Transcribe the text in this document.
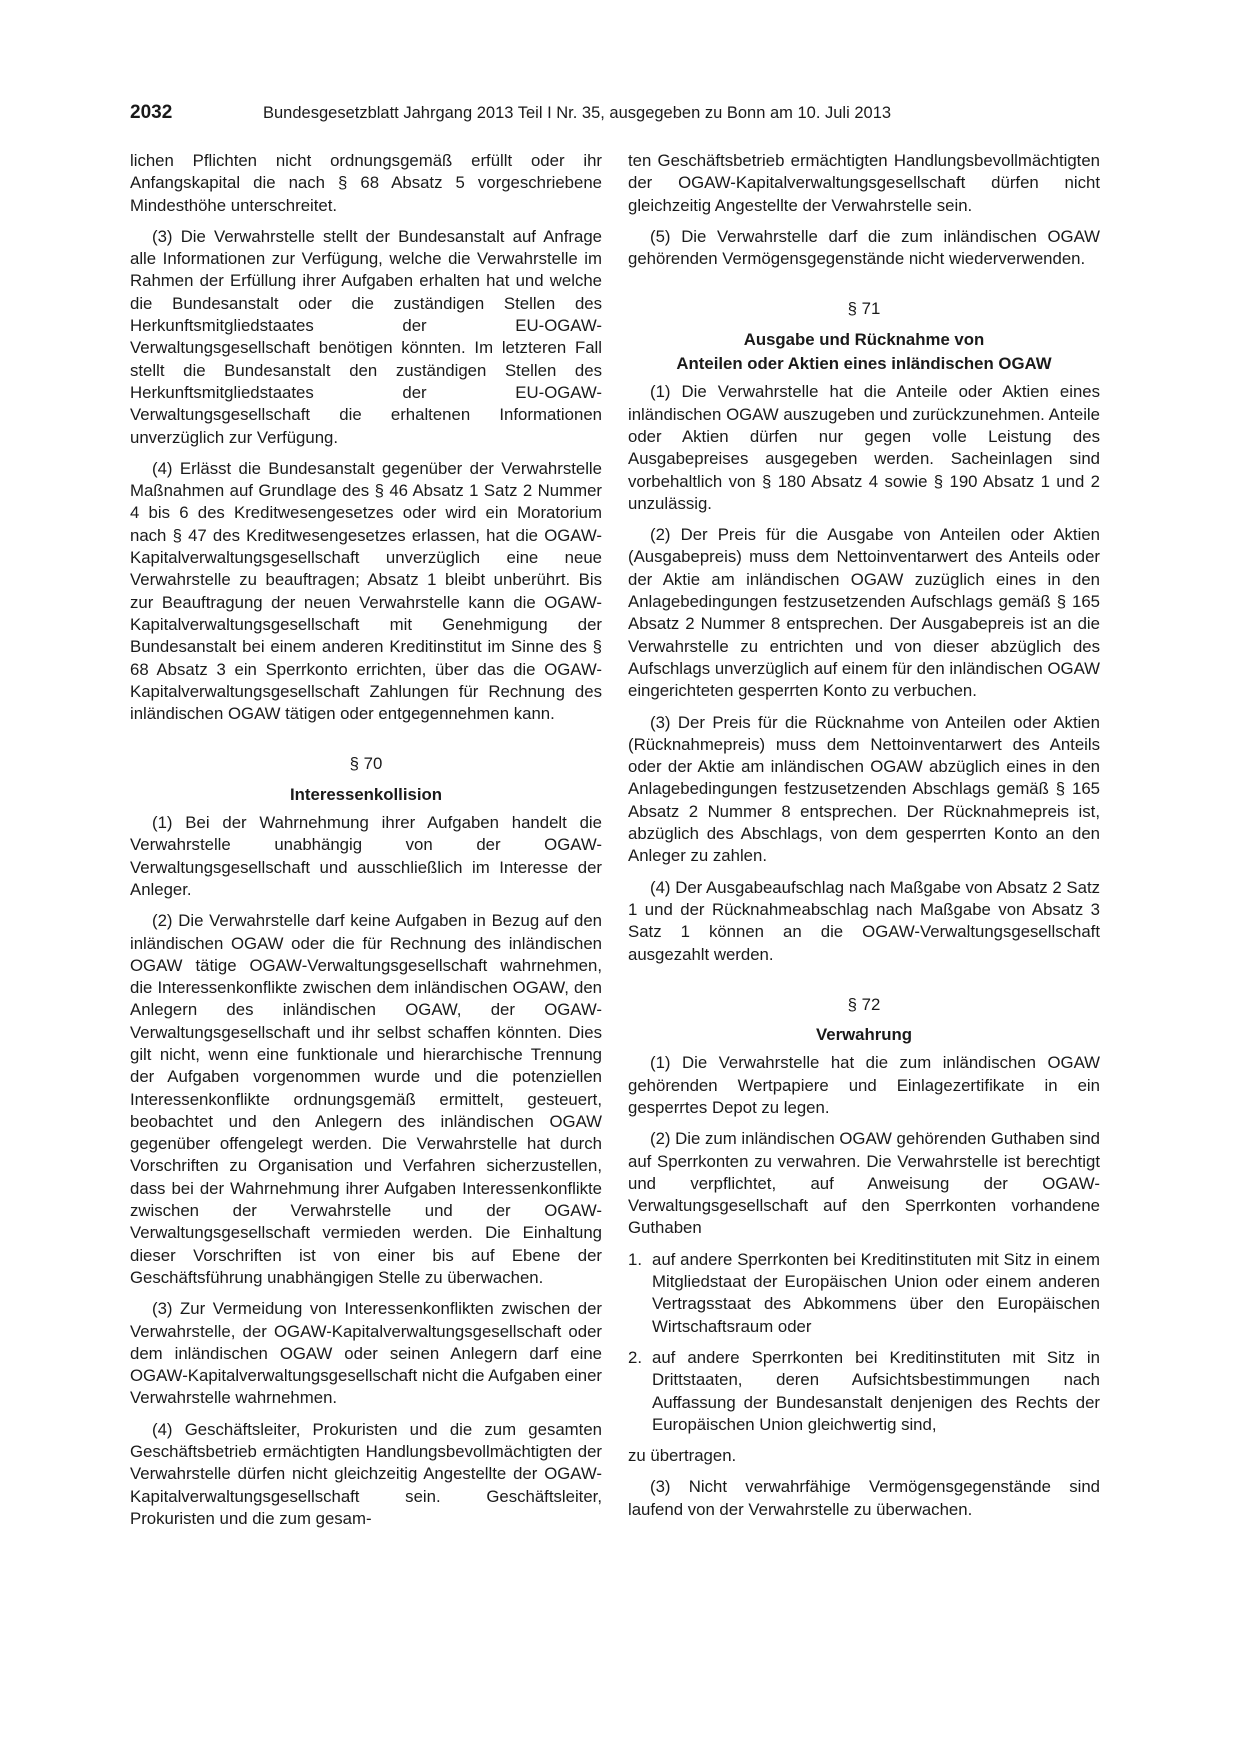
2032	Bundesgesetzblatt Jahrgang 2013 Teil I Nr. 35, ausgegeben zu Bonn am 10. Juli 2013

lichen Pflichten nicht ordnungsgemäß erfüllt oder ihr Anfangskapital die nach § 68 Absatz 5 vorgeschriebene Mindesthöhe unterschreitet.

(3) Die Verwahrstelle stellt der Bundesanstalt auf Anfrage alle Informationen zur Verfügung, welche die Verwahrstelle im Rahmen der Erfüllung ihrer Aufgaben erhalten hat und welche die Bundesanstalt oder die zuständigen Stellen des Herkunftsmitgliedstaates der EU-OGAW-Verwaltungsgesellschaft benötigen könnten. Im letzteren Fall stellt die Bundesanstalt den zuständigen Stellen des Herkunftsmitgliedstaates der EU-OGAW-Verwaltungsgesellschaft die erhaltenen Informationen unverzüglich zur Verfügung.

(4) Erlässt die Bundesanstalt gegenüber der Verwahrstelle Maßnahmen auf Grundlage des § 46 Absatz 1 Satz 2 Nummer 4 bis 6 des Kreditwesengesetzes oder wird ein Moratorium nach § 47 des Kreditwesengesetzes erlassen, hat die OGAW-Kapitalverwaltungsgesellschaft unverzüglich eine neue Verwahrstelle zu beauftragen; Absatz 1 bleibt unberührt. Bis zur Beauftragung der neuen Verwahrstelle kann die OGAW-Kapitalverwaltungsgesellschaft mit Genehmigung der Bundesanstalt bei einem anderen Kreditinstitut im Sinne des § 68 Absatz 3 ein Sperrkonto errichten, über das die OGAW-Kapitalverwaltungsgesellschaft Zahlungen für Rechnung des inländischen OGAW tätigen oder entgegennehmen kann.

§ 70
Interessenkollision

(1) Bei der Wahrnehmung ihrer Aufgaben handelt die Verwahrstelle unabhängig von der OGAW-Verwaltungsgesellschaft und ausschließlich im Interesse der Anleger.

(2) Die Verwahrstelle darf keine Aufgaben in Bezug auf den inländischen OGAW oder die für Rechnung des inländischen OGAW tätige OGAW-Verwaltungsgesellschaft wahrnehmen, die Interessenkonflikte zwischen dem inländischen OGAW, den Anlegern des inländischen OGAW, der OGAW-Verwaltungsgesellschaft und ihr selbst schaffen könnten. Dies gilt nicht, wenn eine funktionale und hierarchische Trennung der Aufgaben vorgenommen wurde und die potenziellen Interessenkonflikte ordnungsgemäß ermittelt, gesteuert, beobachtet und den Anlegern des inländischen OGAW gegenüber offengelegt werden. Die Verwahrstelle hat durch Vorschriften zu Organisation und Verfahren sicherzustellen, dass bei der Wahrnehmung ihrer Aufgaben Interessenkonflikte zwischen der Verwahrstelle und der OGAW-Verwaltungsgesellschaft vermieden werden. Die Einhaltung dieser Vorschriften ist von einer bis auf Ebene der Geschäftsführung unabhängigen Stelle zu überwachen.

(3) Zur Vermeidung von Interessenkonflikten zwischen der Verwahrstelle, der OGAW-Kapitalverwaltungsgesellschaft oder dem inländischen OGAW oder seinen Anlegern darf eine OGAW-Kapitalverwaltungsgesellschaft nicht die Aufgaben einer Verwahrstelle wahrnehmen.

(4) Geschäftsleiter, Prokuristen und die zum gesamten Geschäftsbetrieb ermächtigten Handlungsbevollmächtigten der Verwahrstelle dürfen nicht gleichzeitig Angestellte der OGAW-Kapitalverwaltungsgesellschaft sein. Geschäftsleiter, Prokuristen und die zum gesam-

ten Geschäftsbetrieb ermächtigten Handlungsbevollmächtigten der OGAW-Kapitalverwaltungsgesellschaft dürfen nicht gleichzeitig Angestellte der Verwahrstelle sein.

(5) Die Verwahrstelle darf die zum inländischen OGAW gehörenden Vermögensgegenstände nicht wiederverwenden.

§ 71
Ausgabe und Rücknahme von
Anteilen oder Aktien eines inländischen OGAW

(1) Die Verwahrstelle hat die Anteile oder Aktien eines inländischen OGAW auszugeben und zurückzunehmen. Anteile oder Aktien dürfen nur gegen volle Leistung des Ausgabepreises ausgegeben werden. Sacheinlagen sind vorbehaltlich von § 180 Absatz 4 sowie § 190 Absatz 1 und 2 unzulässig.

(2) Der Preis für die Ausgabe von Anteilen oder Aktien (Ausgabepreis) muss dem Nettoinventarwert des Anteils oder der Aktie am inländischen OGAW zuzüglich eines in den Anlagebedingungen festzusetzenden Aufschlags gemäß § 165 Absatz 2 Nummer 8 entsprechen. Der Ausgabepreis ist an die Verwahrstelle zu entrichten und von dieser abzüglich des Aufschlags unverzüglich auf einem für den inländischen OGAW eingerichteten gesperrten Konto zu verbuchen.

(3) Der Preis für die Rücknahme von Anteilen oder Aktien (Rücknahmepreis) muss dem Nettoinventarwert des Anteils oder der Aktie am inländischen OGAW abzüglich eines in den Anlagebedingungen festzusetzenden Abschlags gemäß § 165 Absatz 2 Nummer 8 entsprechen. Der Rücknahmepreis ist, abzüglich des Abschlags, von dem gesperrten Konto an den Anleger zu zahlen.

(4) Der Ausgabeaufschlag nach Maßgabe von Absatz 2 Satz 1 und der Rücknahmeabschlag nach Maßgabe von Absatz 3 Satz 1 können an die OGAW-Verwaltungsgesellschaft ausgezahlt werden.

§ 72
Verwahrung

(1) Die Verwahrstelle hat die zum inländischen OGAW gehörenden Wertpapiere und Einlagezertifikate in ein gesperrtes Depot zu legen.

(2) Die zum inländischen OGAW gehörenden Guthaben sind auf Sperrkonten zu verwahren. Die Verwahrstelle ist berechtigt und verpflichtet, auf Anweisung der OGAW-Verwaltungsgesellschaft auf den Sperrkonten vorhandene Guthaben

1. auf andere Sperrkonten bei Kreditinstituten mit Sitz in einem Mitgliedstaat der Europäischen Union oder einem anderen Vertragsstaat des Abkommens über den Europäischen Wirtschaftsraum oder
2. auf andere Sperrkonten bei Kreditinstituten mit Sitz in Drittstaaten, deren Aufsichtsbestimmungen nach Auffassung der Bundesanstalt denjenigen des Rechts der Europäischen Union gleichwertig sind,

zu übertragen.

(3) Nicht verwahrfähige Vermögensgegenstände sind laufend von der Verwahrstelle zu überwachen.
